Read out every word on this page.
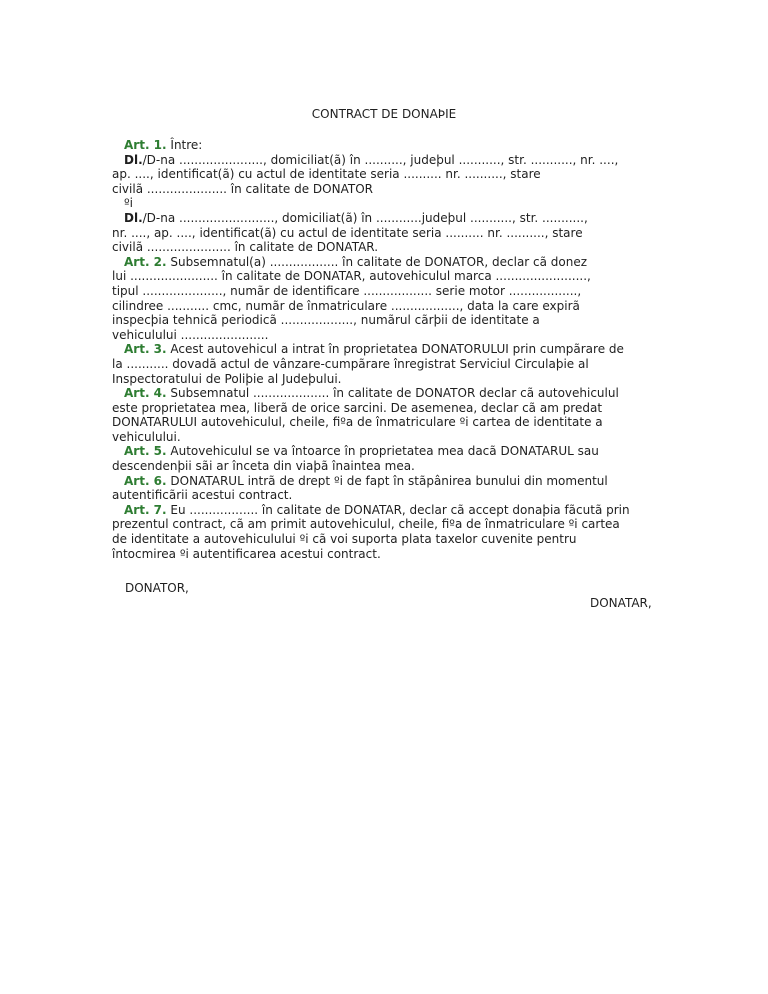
CONTRACT DE DONAÞIE

Art. 1. Între:

Dl./D-na ......................, domiciliat(ã) în .........., judeþul ..........., str. ..........., nr. ....,

ap. ...., identificat(ã) cu actul de identitate seria .......... nr. .........., stare

civilã ..................... în calitate de DONATOR

ºi

Dl./D-na ........................., domiciliat(ã) în ............judeþul ..........., str. ...........,

nr. ...., ap. ...., identificat(ã) cu actul de identitate seria .......... nr. .........., stare

civilã ...................... în calitate de DONATAR.

Art. 2. Subsemnatul(a) .................. în calitate de DONATOR, declar cã donez

lui ....................... în calitate de DONATAR, autovehiculul marca ........................,

tipul ....................., numãr de identificare .................. serie motor ..................,

cilindree ........... cmc, numãr de înmatriculare .................., data la care expirã

inspecþia tehnicã periodicã ..................., numãrul cãrþii de identitate a

vehiculului .......................

Art. 3. Acest autovehicul a intrat în proprietatea DONATORULUI prin cumpãrare de

la ........... dovadã actul de vânzare-cumpãrare înregistrat Serviciul Circulaþie al

Inspectoratului de Poliþie al Judeþului.

Art. 4. Subsemnatul .................... în calitate de DONATOR declar cã autovehiculul

este proprietatea mea, liberã de orice sarcini. De asemenea, declar cã am predat

DONATARULUI autovehiculul, cheile, fiºa de înmatriculare ºi cartea de identitate a

vehiculului.

Art. 5. Autovehiculul se va întoarce în proprietatea mea dacã DONATARUL sau

descendenþii sãi ar înceta din viaþã înaintea mea.

Art. 6. DONATARUL intrã de drept ºi de fapt în stãpânirea bunului din momentul

autentificãrii acestui contract.

Art. 7. Eu .................. în calitate de DONATAR, declar cã accept donaþia fãcutã prin

prezentul contract, cã am primit autovehiculul, cheile, fiºa de înmatriculare ºi cartea

de identitate a autovehiculului ºi cã voi suporta plata taxelor cuvenite pentru

întocmirea ºi autentificarea acestui contract.

DONATOR,
DONATAR,
